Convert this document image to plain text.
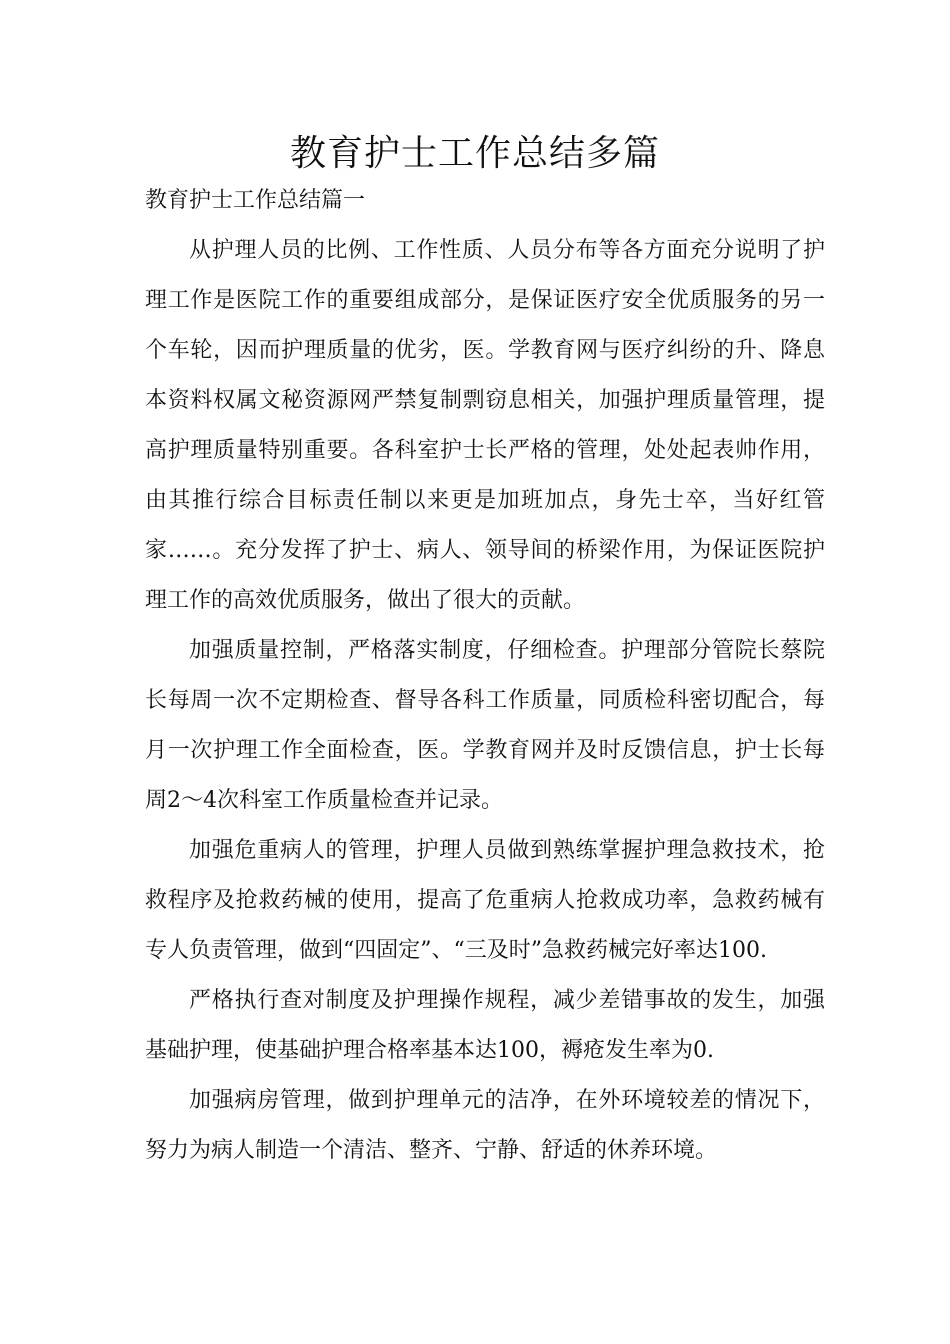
教育护士工作总结多篇

教育护士工作总结篇一

从护理人员的比例、工作性质、人员分布等各方面充分说明了护理工作是医院工作的重要组成部分，是保证医疗安全优质服务的另一个车轮，因而护理质量的优劣，医。学教育网与医疗纠纷的升、降息本资料权属文秘资源网严禁复制剽窃息相关，加强护理质量管理，提高护理质量特别重要。各科室护士长严格的管理，处处起表帅作用，由其推行综合目标责任制以来更是加班加点，身先士卒，当好红管家……。充分发挥了护士、病人、领导间的桥梁作用，为保证医院护理工作的高效优质服务，做出了很大的贡献。

加强质量控制，严格落实制度，仔细检查。护理部分管院长蔡院长每周一次不定期检查、督导各科工作质量，同质检科密切配合，每月一次护理工作全面检查，医。学教育网并及时反馈信息，护士长每周2～4次科室工作质量检查并记录。

加强危重病人的管理，护理人员做到熟练掌握护理急救技术，抢救程序及抢救药械的使用，提高了危重病人抢救成功率，急救药械有专人负责管理，做到“四固定”、“三及时”急救药械完好率达100.

严格执行查对制度及护理操作规程，减少差错事故的发生，加强基础护理，使基础护理合格率基本达100，褥疮发生率为0.

加强病房管理，做到护理单元的洁净，在外环境较差的情况下，努力为病人制造一个清洁、整齐、宁静、舒适的休养环境。
